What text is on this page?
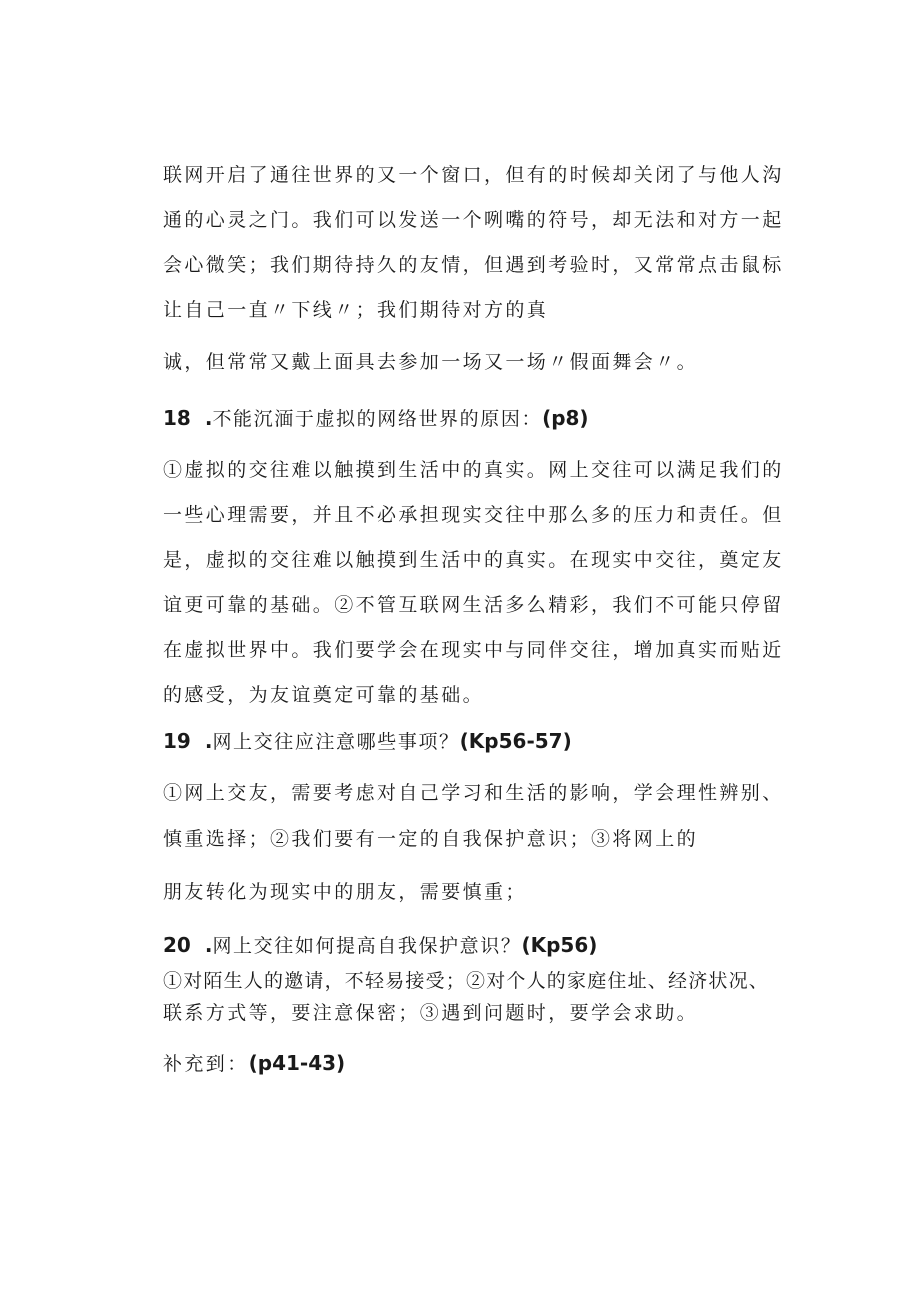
联网开启了通往世界的又一个窗口，但有的时候却关闭了与他人沟
通的心灵之门。我们可以发送一个咧嘴的符号，却无法和对方一起
会心微笑；我们期待持久的友情，但遇到考验时，又常常点击鼠标
让自己一直〃下线〃；我们期待对方的真
诚，但常常又戴上面具去参加一场又一场〃假面舞会〃。
18 .不能沉湎于虚拟的网络世界的原因：(p8)
①虚拟的交往难以触摸到生活中的真实。网上交往可以满足我们的
一些心理需要，并且不必承担现实交往中那么多的压力和责任。但
是，虚拟的交往难以触摸到生活中的真实。在现实中交往，奠定友
谊更可靠的基础。②不管互联网生活多么精彩，我们不可能只停留
在虚拟世界中。我们要学会在现实中与同伴交往，增加真实而贴近
的感受，为友谊奠定可靠的基础。
19 .网上交往应注意哪些事项？(Kp56-57)
①网上交友，需要考虑对自己学习和生活的影响，学会理性辨别、
慎重选择；②我们要有一定的自我保护意识；③将网上的
朋友转化为现实中的朋友，需要慎重；
20 .网上交往如何提高自我保护意识？(Kp56)
①对陌生人的邀请，不轻易接受；②对个人的家庭住址、经济状况、
联系方式等，要注意保密；③遇到问题时，要学会求助。
补充到：(p41-43)
